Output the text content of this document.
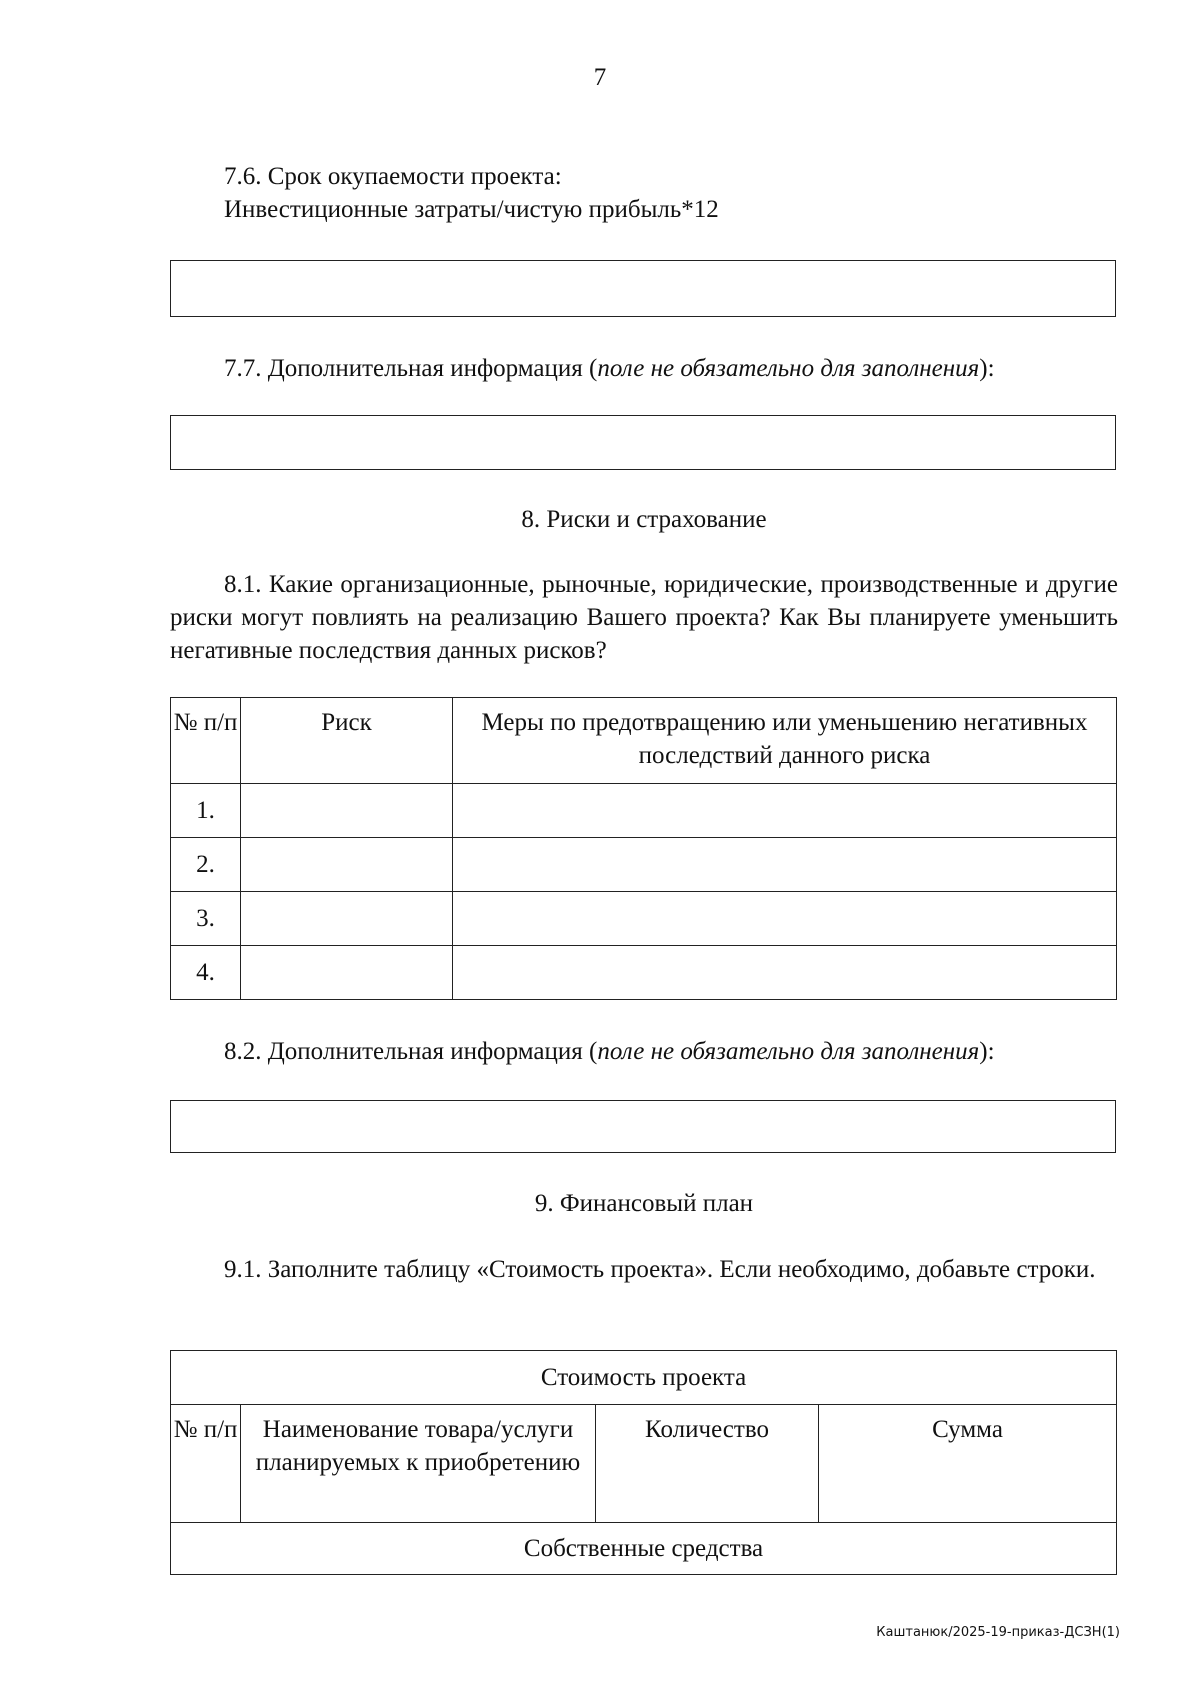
7
7.6. Срок окупаемости проекта:
Инвестиционные затраты/чистую прибыль*12
7.7. Дополнительная информация (поле не обязательно для заполнения):
8. Риски и страхование
8.1. Какие организационные, рыночные, юридические, производственные и другие риски могут повлиять на реализацию Вашего проекта? Как Вы планируете уменьшить негативные последствия данных рисков?
№ п/п	Риск	Меры по предотвращению или уменьшению негативных последствий данного риска
1.		
2.		
3.		
4.		
8.2. Дополнительная информация (поле не обязательно для заполнения):
9. Финансовый план
9.1. Заполните таблицу «Стоимость проекта». Если необходимо, добавьте строки.
Стоимость проекта
№ п/п	Наименование товара/услуги планируемых к приобретению	Количество	Сумма
Собственные средства
Каштанюк/2025-19-приказ-ДСЗН(1)
